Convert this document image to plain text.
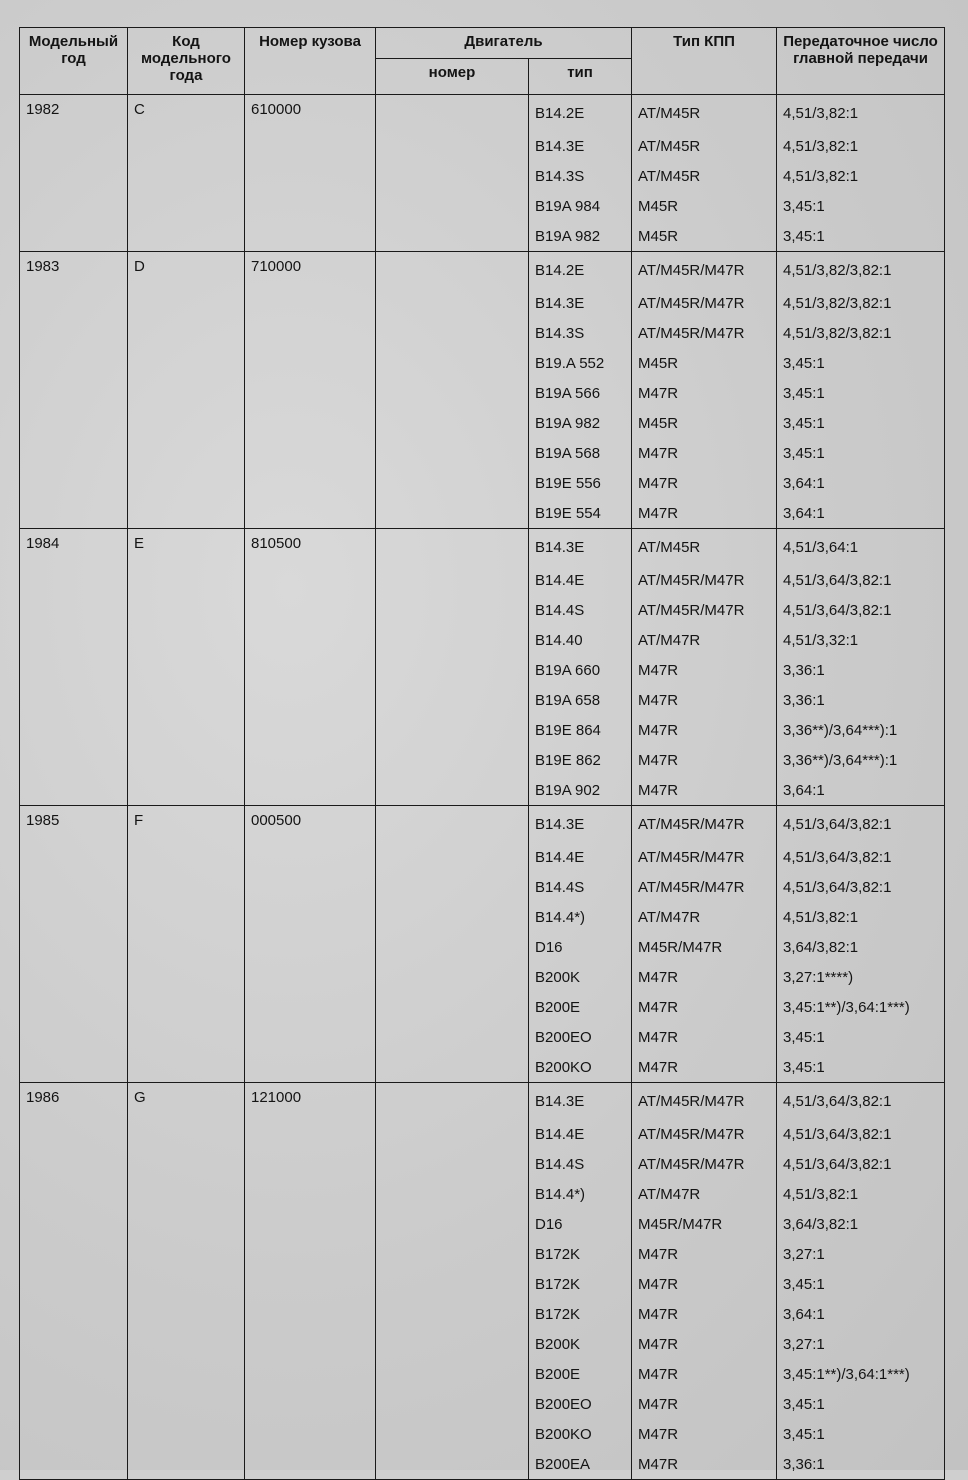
Модельный год	Код модельного года	Номер кузова	Двигатель		Тип КПП	Передаточное число главной передачи
			номер	тип		
1982	C	610000		B14.2E	AT/M45R	4,51/3,82:1
				B14.3E	AT/M45R	4,51/3,82:1
				B14.3S	AT/M45R	4,51/3,82:1
				B19A 984	M45R	3,45:1
				B19A 982	M45R	3,45:1
1983	D	710000		B14.2E	AT/M45R/M47R	4,51/3,82/3,82:1
				B14.3E	AT/M45R/M47R	4,51/3,82/3,82:1
				B14.3S	AT/M45R/M47R	4,51/3,82/3,82:1
				B19.A 552	M45R	3,45:1
				B19A 566	M47R	3,45:1
				B19A 982	M45R	3,45:1
				B19A 568	M47R	3,45:1
				B19E 556	M47R	3,64:1
				B19E 554	M47R	3,64:1
1984	E	810500		B14.3E	AT/M45R	4,51/3,64:1
				B14.4E	AT/M45R/M47R	4,51/3,64/3,82:1
				B14.4S	AT/M45R/M47R	4,51/3,64/3,82:1
				B14.40	AT/M47R	4,51/3,32:1
				B19A 660	M47R	3,36:1
				B19A 658	M47R	3,36:1
				B19E 864	M47R	3,36**)/3,64***):1
				B19E 862	M47R	3,36**)/3,64***):1
				B19A 902	M47R	3,64:1
1985	F	000500		B14.3E	AT/M45R/M47R	4,51/3,64/3,82:1
				B14.4E	AT/M45R/M47R	4,51/3,64/3,82:1
				B14.4S	AT/M45R/M47R	4,51/3,64/3,82:1
				B14.4*)	AT/M47R	4,51/3,82:1
				D16	M45R/M47R	3,64/3,82:1
				B200K	M47R	3,27:1****)
				B200E	M47R	3,45:1**)/3,64:1***)
				B200EO	M47R	3,45:1
				B200KO	M47R	3,45:1
1986	G	121000		B14.3E	AT/M45R/M47R	4,51/3,64/3,82:1
				B14.4E	AT/M45R/M47R	4,51/3,64/3,82:1
				B14.4S	AT/M45R/M47R	4,51/3,64/3,82:1
				B14.4*)	AT/M47R	4,51/3,82:1
				D16	M45R/M47R	3,64/3,82:1
				B172K	M47R	3,27:1
				B172K	M47R	3,45:1
				B172K	M47R	3,64:1
				B200K	M47R	3,27:1
				B200E	M47R	3,45:1**)/3,64:1***)
				B200EO	M47R	3,45:1
				B200KO	M47R	3,45:1
				B200EA	M47R	3,36:1
